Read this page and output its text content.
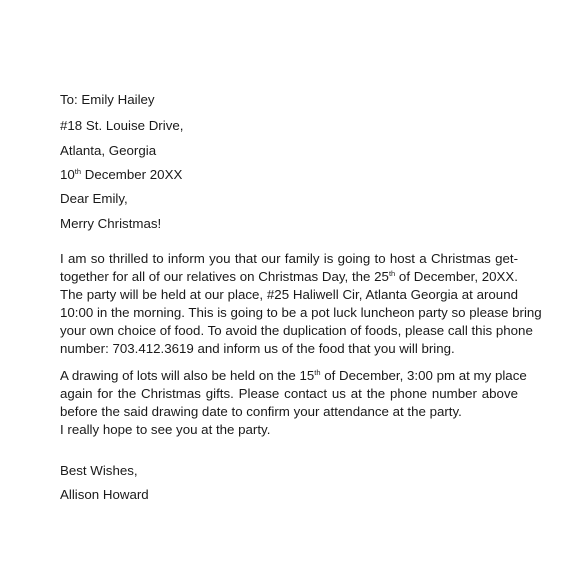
To: Emily Hailey
#18 St. Louise Drive,
Atlanta, Georgia
10th December 20XX
Dear Emily,
Merry Christmas!
I am so thrilled to inform you that our family is going to host a Christmas get-
together for all of our relatives on Christmas Day, the 25th of December, 20XX.
The party will be held at our place, #25 Haliwell Cir, Atlanta Georgia at around
10:00 in the morning. This is going to be a pot luck luncheon party so please bring
your own choice of food. To avoid the duplication of foods, please call this phone
number: 703.412.3619 and inform us of the food that you will bring.
A drawing of lots will also be held on the 15th of December, 3:00 pm at my place
again for the Christmas gifts. Please contact us at the phone number above
before the said drawing date to confirm your attendance at the party.
I really hope to see you at the party.
Best Wishes,
Allison Howard
